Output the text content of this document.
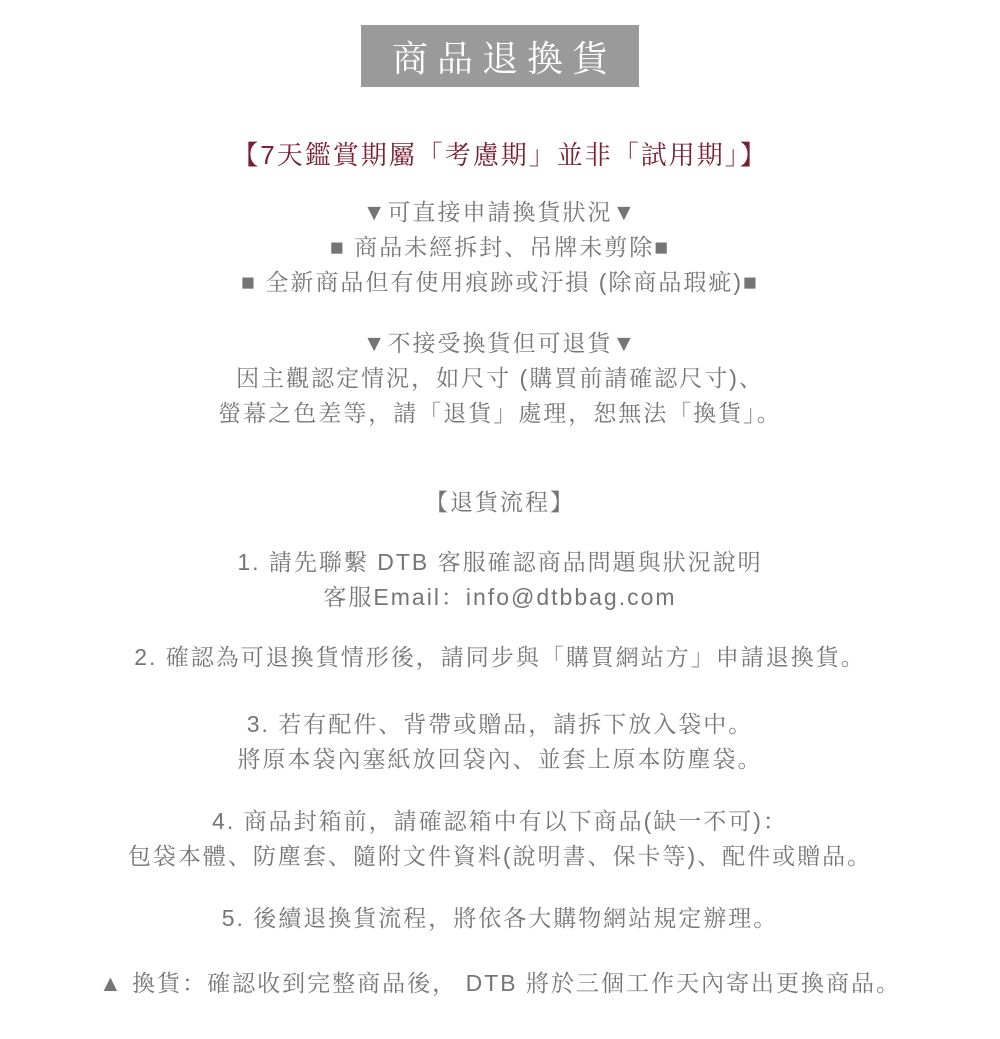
商品退換貨

【7天鑑賞期屬「考慮期」並非「試用期」】

▼可直接申請換貨狀況▼

■ 商品未經拆封、吊牌未剪除■

■ 全新商品但有使用痕跡或汙損 (除商品瑕疵)■

▼不接受換貨但可退貨▼

因主觀認定情況，如尺寸 (購買前請確認尺寸)、

螢幕之色差等，請「退貨」處理，恕無法「換貨」。

【退貨流程】

1. 請先聯繫 DTB 客服確認商品問題與狀況說明

客服Email：info@dtbbag.com

2. 確認為可退換貨情形後，請同步與「購買網站方」申請退換貨。

3. 若有配件、背帶或贈品，請拆下放入袋中。

將原本袋內塞紙放回袋內、並套上原本防塵袋。

4. 商品封箱前，請確認箱中有以下商品(缺一不可)：

包袋本體、防塵套、隨附文件資料(說明書、保卡等)、配件或贈品。

5. 後續退換貨流程，將依各大購物網站規定辦理。

▲ 換貨：確認收到完整商品後， DTB 將於三個工作天內寄出更換商品。
